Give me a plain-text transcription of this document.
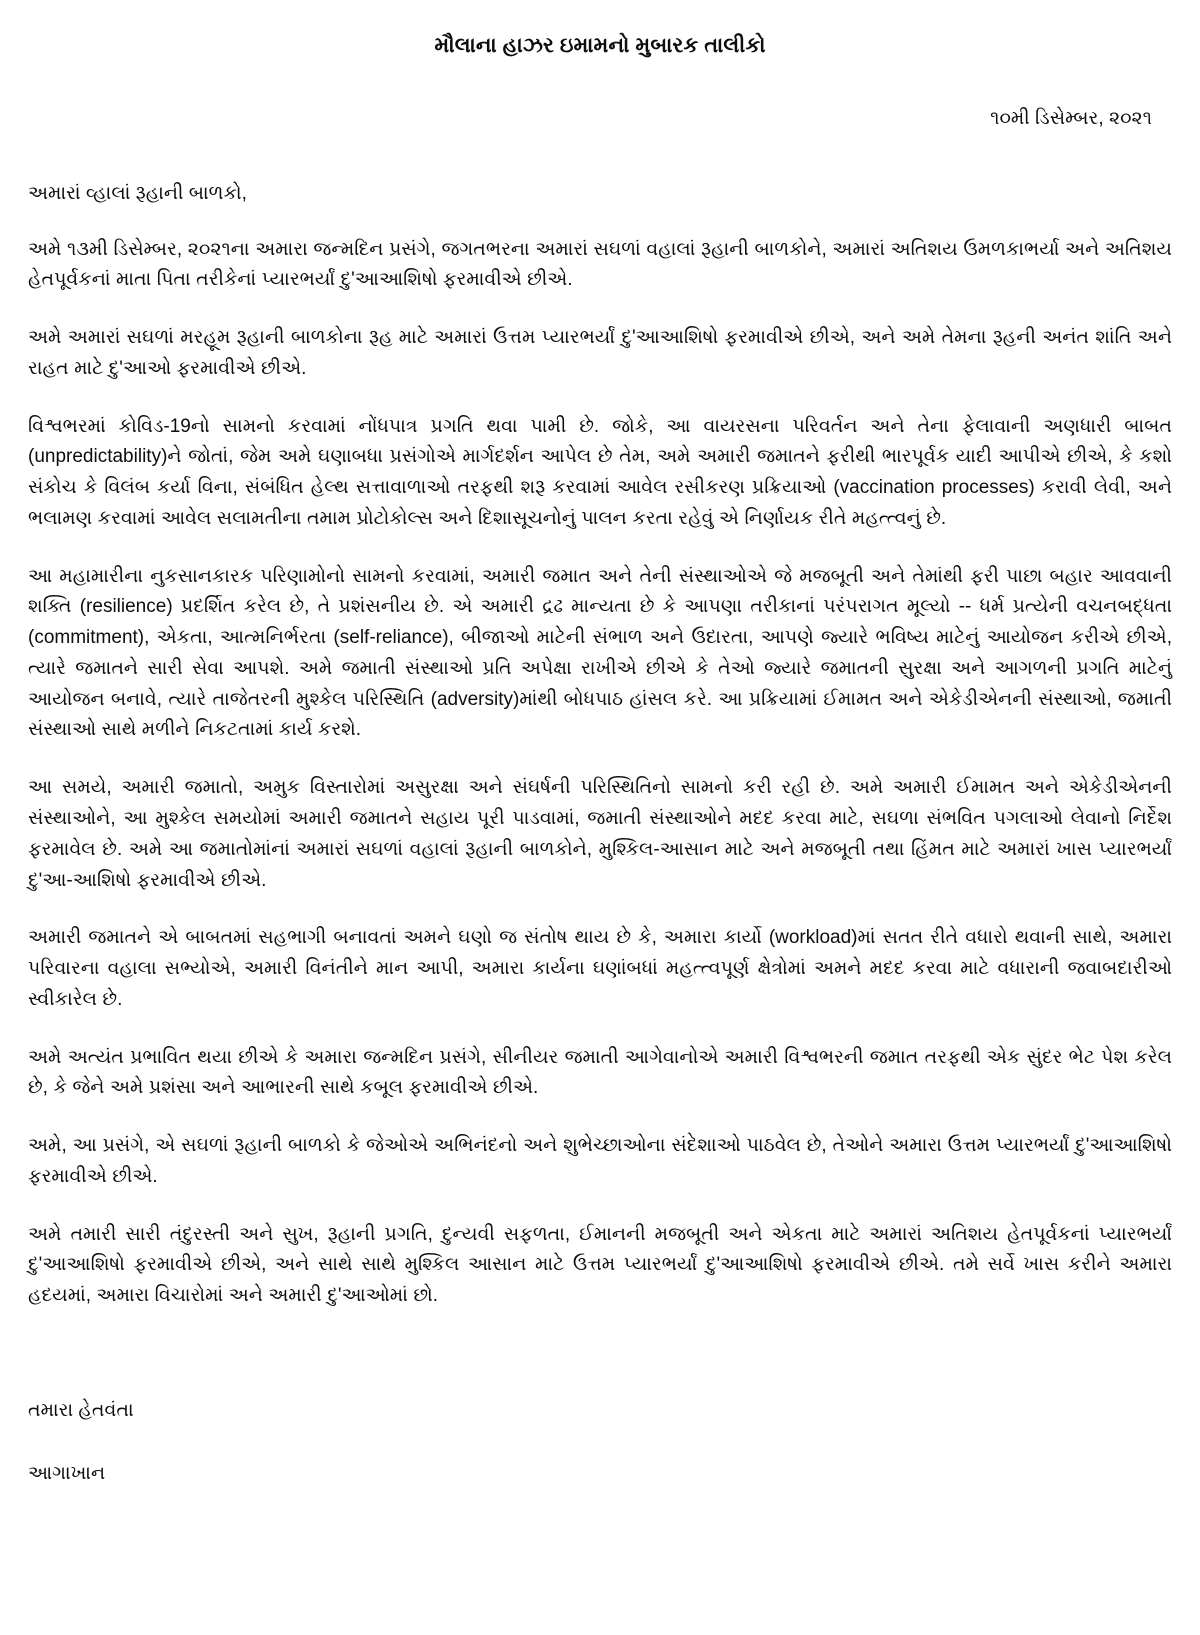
મૌલાના હાઝર ઇમામનો મુબારક તાલીકો
૧૦મી ડિસેમ્બર, ૨૦૨૧
અમારાં વ્હાલાં રૂહાની બાળકો,

અમે ૧૩મી ડિસેમ્બર, ૨૦૨૧ના અમારા જન્મદિન પ્રસંગે, જગતભરના અમારાં સઘળાં વહાલાં રૂહાની બાળકોને, અમારાં અતિશય ઉમળકાભર્યા અને અતિશય હેતપૂર્વકનાં માતા પિતા તરીકેનાં પ્યારભર્યાં દુ'આઆશિષો ફરમાવીએ છીએ.

અમે અમારાં સઘળાં મરહૂમ રૂહાની બાળકોના રૂહ માટે અમારાં ઉત્તમ પ્યારભર્યાં દુ'આઆશિષો ફરમાવીએ છીએ, અને અમે તેમના રૂહની અનંત શાંતિ અને રાહત માટે દુ'આઓ ફરમાવીએ છીએ.

વિશ્વભરમાં કોવિડ-19નો સામનો કરવામાં નોંધપાત્ર પ્રગતિ થવા પામી છે. જોકે, આ વાયરસના પરિવર્તન અને તેના ફેલાવાની અણધારી બાબત (unpredictability)ને જોતાં, જેમ અમે ઘણાબધા પ્રસંગોએ માર્ગદર્શન આપેલ છે તેમ, અમે અમારી જમાતને ફરીથી ભારપૂર્વક યાદી આપીએ છીએ, કે કશો સંકોચ કે વિલંબ કર્યા વિના, સંબંધિત હેલ્થ સત્તાવાળાઓ તરફથી શરૂ કરવામાં આવેલ રસીકરણ પ્રક્રિયાઓ (vaccination processes) કરાવી લેવી, અને ભલામણ કરવામાં આવેલ સલામતીના તમામ પ્રોટોકોલ્સ અને દિશાસૂચનોનું પાલન કરતા રહેવું એ નિર્ણાયક રીતે મહત્ત્વનું છે.

આ મહામારીના નુકસાનકારક પરિણામોનો સામનો કરવામાં, અમારી જમાત અને તેની સંસ્થાઓએ જે મજબૂતી અને તેમાંથી ફરી પાછા બહાર આવવાની શક્તિ (resilience) પ્રદર્શિત કરેલ છે, તે પ્રશંસનીય છે. એ અમારી દ્રઢ માન્યતા છે કે આપણા તરીકાનાં પરંપરાગત મૂલ્યો -- ધર્મ પ્રત્યેની વચનબદ્ધતા (commitment), એકતા, આત્મનિર્ભરતા (self-reliance), બીજાઓ માટેની સંભાળ અને ઉદારતા, આપણે જ્યારે ભવિષ્ય માટેનું આયોજન કરીએ છીએ, ત્યારે જમાતને સારી સેવા આપશે. અમે જમાતી સંસ્થાઓ પ્રતિ અપેક્ષા રાખીએ છીએ કે તેઓ જ્યારે જમાતની સુરક્ષા અને આગળની પ્રગતિ માટેનું આયોજન બનાવે, ત્યારે તાજેતરની મુશ્કેલ પરિસ્થિતિ (adversity)માંથી બોધપાઠ હાંસલ કરે. આ પ્રક્રિયામાં ઈમામત અને એકેડીએનની સંસ્થાઓ, જમાતી સંસ્થાઓ સાથે મળીને નિકટતામાં કાર્ય કરશે.

આ સમયે, અમારી જમાતો, અમુક વિસ્તારોમાં અસુરક્ષા અને સંઘર્ષની પરિસ્થિતિનો સામનો કરી રહી છે. અમે અમારી ઈમામત અને એકેડીએનની સંસ્થાઓને, આ મુશ્કેલ સમયોમાં અમારી જમાતને સહાય પૂરી પાડવામાં, જમાતી સંસ્થાઓને મદદ કરવા માટે, સઘળા સંભવિત પગલાઓ લેવાનો નિર્દેશ ફરમાવેલ છે. અમે આ જમાતોમાંનાં અમારાં સઘળાં વહાલાં રૂહાની બાળકોને, મુશ્કિલ-આસાન માટે અને મજબૂતી તથા હિંમત માટે અમારાં ખાસ પ્યારભર્યાં દુ'આ-આશિષો ફરમાવીએ છીએ.

અમારી જમાતને એ બાબતમાં સહભાગી બનાવતાં અમને ઘણો જ સંતોષ થાય છે કે, અમારા કાર્યો (workload)માં સતત રીતે વધારો થવાની સાથે, અમારા પરિવારના વહાલા સભ્યોએ, અમારી વિનંતીને માન આપી, અમારા કાર્યના ઘણાંબધાં મહત્ત્વપૂર્ણ ક્ષેત્રોમાં અમને મદદ કરવા માટે વધારાની જવાબદારીઓ સ્વીકારેલ છે.

અમે અત્યંત પ્રભાવિત થયા છીએ કે અમારા જન્મદિન પ્રસંગે, સીનીયર જમાતી આગેવાનોએ અમારી વિશ્વભરની જમાત તરફથી એક સુંદર ભેટ પેશ કરેલ છે, કે જેને અમે પ્રશંસા અને આભારની સાથે કબૂલ ફરમાવીએ છીએ.

અમે, આ પ્રસંગે, એ સઘળાં રૂહાની બાળકો કે જેઓએ અભિનંદનો અને શુભેચ્છાઓના સંદેશાઓ પાઠવેલ છે, તેઓને અમારા ઉત્તમ પ્યારભર્યાં દુ'આઆશિષો ફરમાવીએ છીએ.

અમે તમારી સારી તંદુરસ્તી અને સુખ, રૂહાની પ્રગતિ, દુન્યવી સફળતા, ઈમાનની મજબૂતી અને એકતા માટે અમારાં અતિશય હેતપૂર્વકનાં પ્યારભર્યાં દુ'આઆશિષો ફરમાવીએ છીએ, અને સાથે સાથે મુશ્કિલ આસાન માટે ઉત્તમ પ્યારભર્યાં દુ'આઆશિષો ફરમાવીએ છીએ. તમે સર્વે ખાસ કરીને અમારા હદયમાં, અમારા વિચારોમાં અને અમારી દુ'આઓમાં છો.

તમારા હેતવંતા
આગાખાન
